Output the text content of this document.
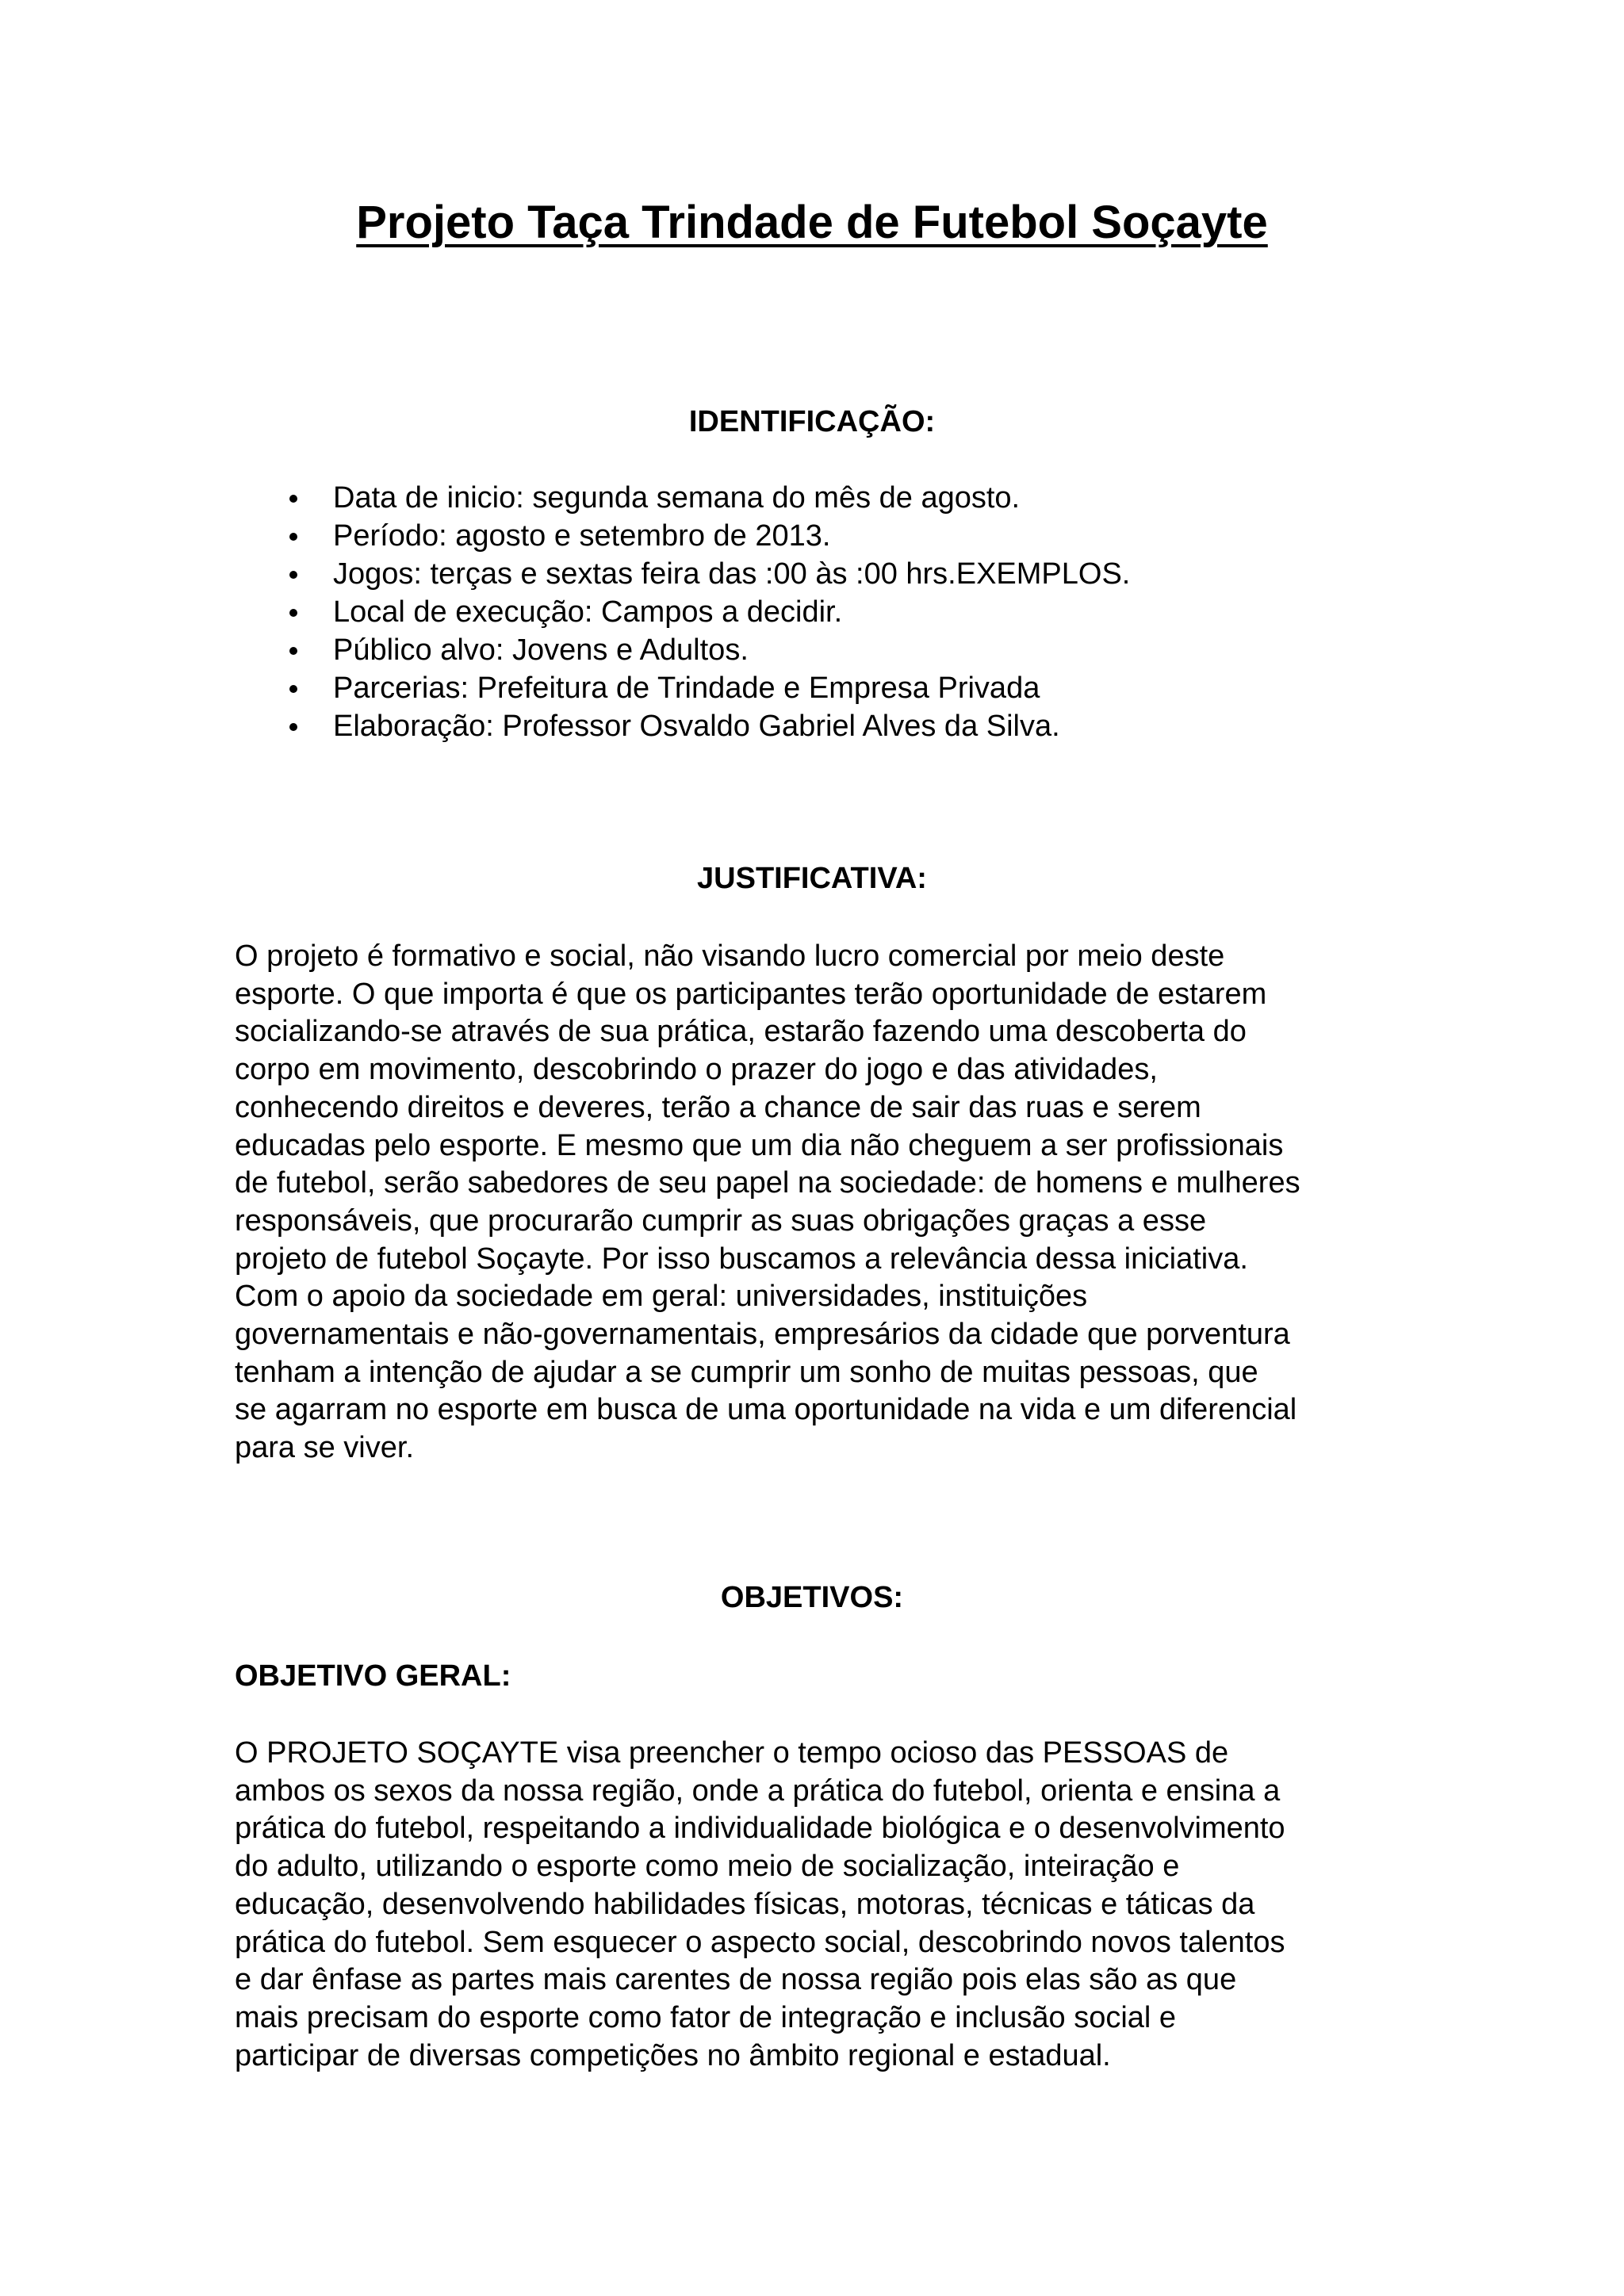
Projeto Taça Trindade de Futebol Soçayte
IDENTIFICAÇÃO:
Data de inicio: segunda semana do mês de agosto.
Período: agosto e setembro de 2013.
Jogos: terças e sextas feira das :00 às :00 hrs.EXEMPLOS.
Local de execução: Campos a decidir.
Público alvo: Jovens e Adultos.
Parcerias: Prefeitura de Trindade e Empresa Privada
Elaboração: Professor Osvaldo Gabriel Alves da Silva.
JUSTIFICATIVA:

O projeto é formativo e social, não visando lucro comercial por meio deste
esporte. O que importa é que os participantes terão oportunidade de estarem
socializando-se através de sua prática, estarão fazendo uma descoberta do
corpo em movimento, descobrindo o prazer do jogo e das atividades,
conhecendo direitos e deveres, terão a chance de sair das ruas e serem
educadas pelo esporte. E mesmo que um dia não cheguem a ser profissionais
de futebol, serão sabedores de seu papel na sociedade: de homens e mulheres
responsáveis, que procurarão cumprir as suas obrigações graças a esse
projeto de futebol Soçayte. Por isso buscamos a relevância dessa iniciativa.
Com o apoio da sociedade em geral: universidades, instituições
governamentais e não-governamentais, empresários da cidade que porventura
tenham a intenção de ajudar a se cumprir um sonho de muitas pessoas, que
se agarram no esporte em busca de uma oportunidade na vida e um diferencial
para se viver.

OBJETIVOS:
OBJETIVO GERAL:

O PROJETO SOÇAYTE visa preencher o tempo ocioso das PESSOAS de
ambos os sexos da nossa região, onde a prática do futebol, orienta e ensina a
prática do futebol, respeitando a individualidade biológica e o desenvolvimento
do adulto, utilizando o esporte como meio de socialização, inteiração e
educação, desenvolvendo habilidades físicas, motoras, técnicas e táticas da
prática do futebol. Sem esquecer o aspecto social, descobrindo novos talentos
e dar ênfase as partes mais carentes de nossa região pois elas são as que
mais precisam do esporte como fator de integração e inclusão social e
participar de diversas competições no âmbito regional e estadual.
